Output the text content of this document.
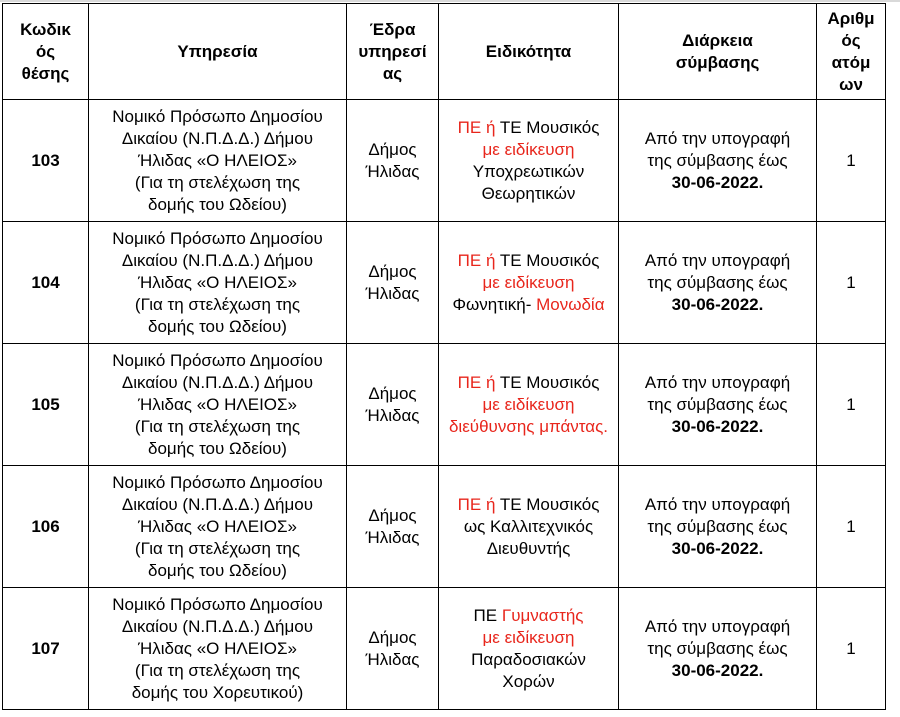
Κωδικ
ός
θέσης	Υπηρεσία	Έδρα
υπηρεσί
ας	Ειδικότητα	Διάρκεια
σύμβασης	Αριθμ
ός
ατόμ
ων

103	Νομικό Πρόσωπο Δημοσίου
Δικαίου (Ν.Π.Δ.Δ.) Δήμου
Ήλιδας «Ο ΗΛΕΙΟΣ»
(Για τη στελέχωση της
δομής του Ωδείου)	Δήμος
Ήλιδας	ΠΕ ή ΤΕ Μουσικός
με ειδίκευση
Υποχρεωτικών
Θεωρητικών	Από την υπογραφή
της σύμβασης έως
30-06-2022.	1
104	Νομικό Πρόσωπο Δημοσίου
Δικαίου (Ν.Π.Δ.Δ.) Δήμου
Ήλιδας «Ο ΗΛΕΙΟΣ»
(Για τη στελέχωση της
δομής του Ωδείου)	Δήμος
Ήλιδας	ΠΕ ή ΤΕ Μουσικός
με ειδίκευση
Φωνητική- Μονωδία	Από την υπογραφή
της σύμβασης έως
30-06-2022.	1
105	Νομικό Πρόσωπο Δημοσίου
Δικαίου (Ν.Π.Δ.Δ.) Δήμου
Ήλιδας «Ο ΗΛΕΙΟΣ»
(Για τη στελέχωση της
δομής του Ωδείου)	Δήμος
Ήλιδας	ΠΕ ή ΤΕ Μουσικός
με ειδίκευση
διεύθυνσης μπάντας.	Από την υπογραφή
της σύμβασης έως
30-06-2022.	1
106	Νομικό Πρόσωπο Δημοσίου
Δικαίου (Ν.Π.Δ.Δ.) Δήμου
Ήλιδας «Ο ΗΛΕΙΟΣ»
(Για τη στελέχωση της
δομής του Ωδείου)	Δήμος
Ήλιδας	ΠΕ ή ΤΕ Μουσικός
ως Καλλιτεχνικός
Διευθυντής	Από την υπογραφή
της σύμβασης έως
30-06-2022.	1
107	Νομικό Πρόσωπο Δημοσίου
Δικαίου (Ν.Π.Δ.Δ.) Δήμου
Ήλιδας «Ο ΗΛΕΙΟΣ»
(Για τη στελέχωση της
δομής του Χορευτικού)	Δήμος
Ήλιδας	ΠΕ Γυμναστής
με ειδίκευση
Παραδοσιακών
Χορών	Από την υπογραφή
της σύμβασης έως
30-06-2022.	1
